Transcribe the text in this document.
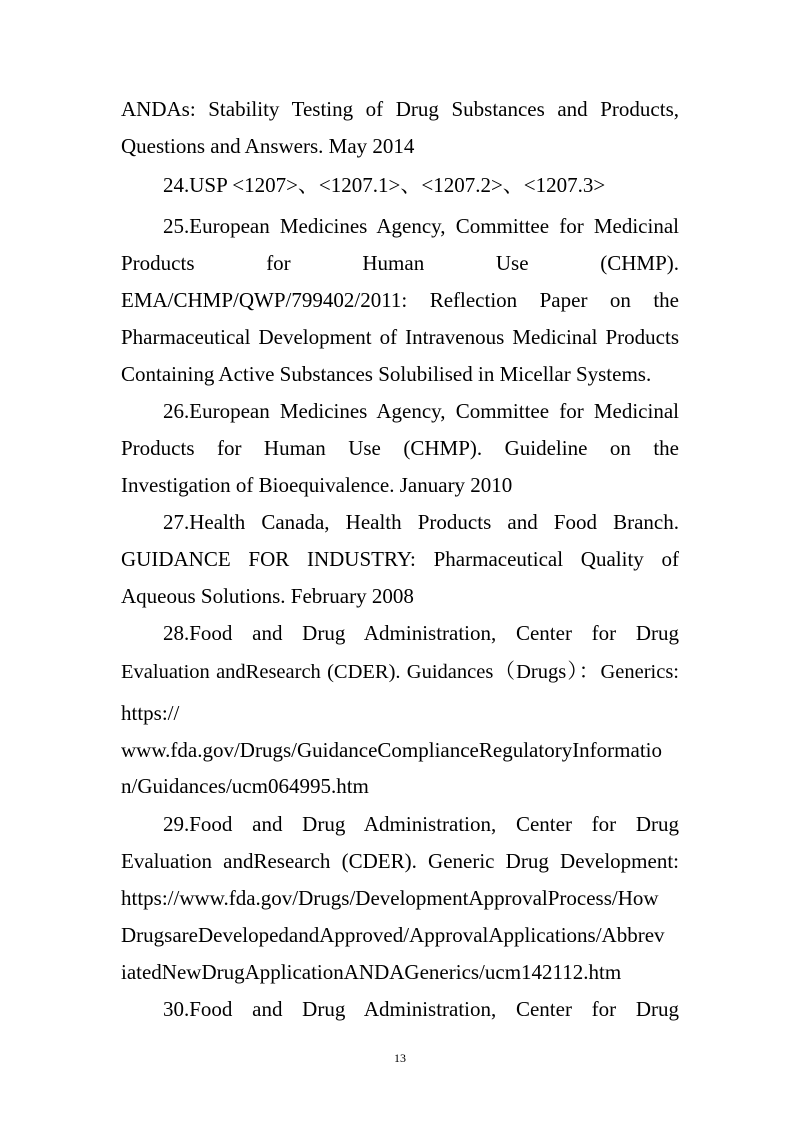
ANDAs: Stability Testing of Drug Substances and Products,
Questions and Answers. May 2014
24.USP <1207>、<1207.1>、<1207.2>、<1207.3>
25.European Medicines Agency, Committee for Medicinal
Products for Human Use (CHMP).
EMA/CHMP/QWP/799402/2011: Reflection Paper on the
Pharmaceutical Development of Intravenous Medicinal Products
Containing Active Substances Solubilised in Micellar Systems.
26.European Medicines Agency, Committee for Medicinal
Products for Human Use (CHMP). Guideline on the
Investigation of Bioequivalence. January 2010
27.Health Canada, Health Products and Food Branch.
GUIDANCE FOR INDUSTRY: Pharmaceutical Quality of
Aqueous Solutions. February 2008
28.Food and Drug Administration, Center for Drug
Evaluation andResearch (CDER). Guidances（Drugs）：Generics:
https://
www.fda.gov/Drugs/GuidanceComplianceRegulatoryInformatio
n/Guidances/ucm064995.htm
29.Food and Drug Administration, Center for Drug
Evaluation andResearch (CDER). Generic Drug Development:
https://www.fda.gov/Drugs/DevelopmentApprovalProcess/How
DrugsareDevelopedandApproved/ApprovalApplications/Abbrev
iatedNewDrugApplicationANDAGenerics/ucm142112.htm
30.Food and Drug Administration, Center for Drug
13
